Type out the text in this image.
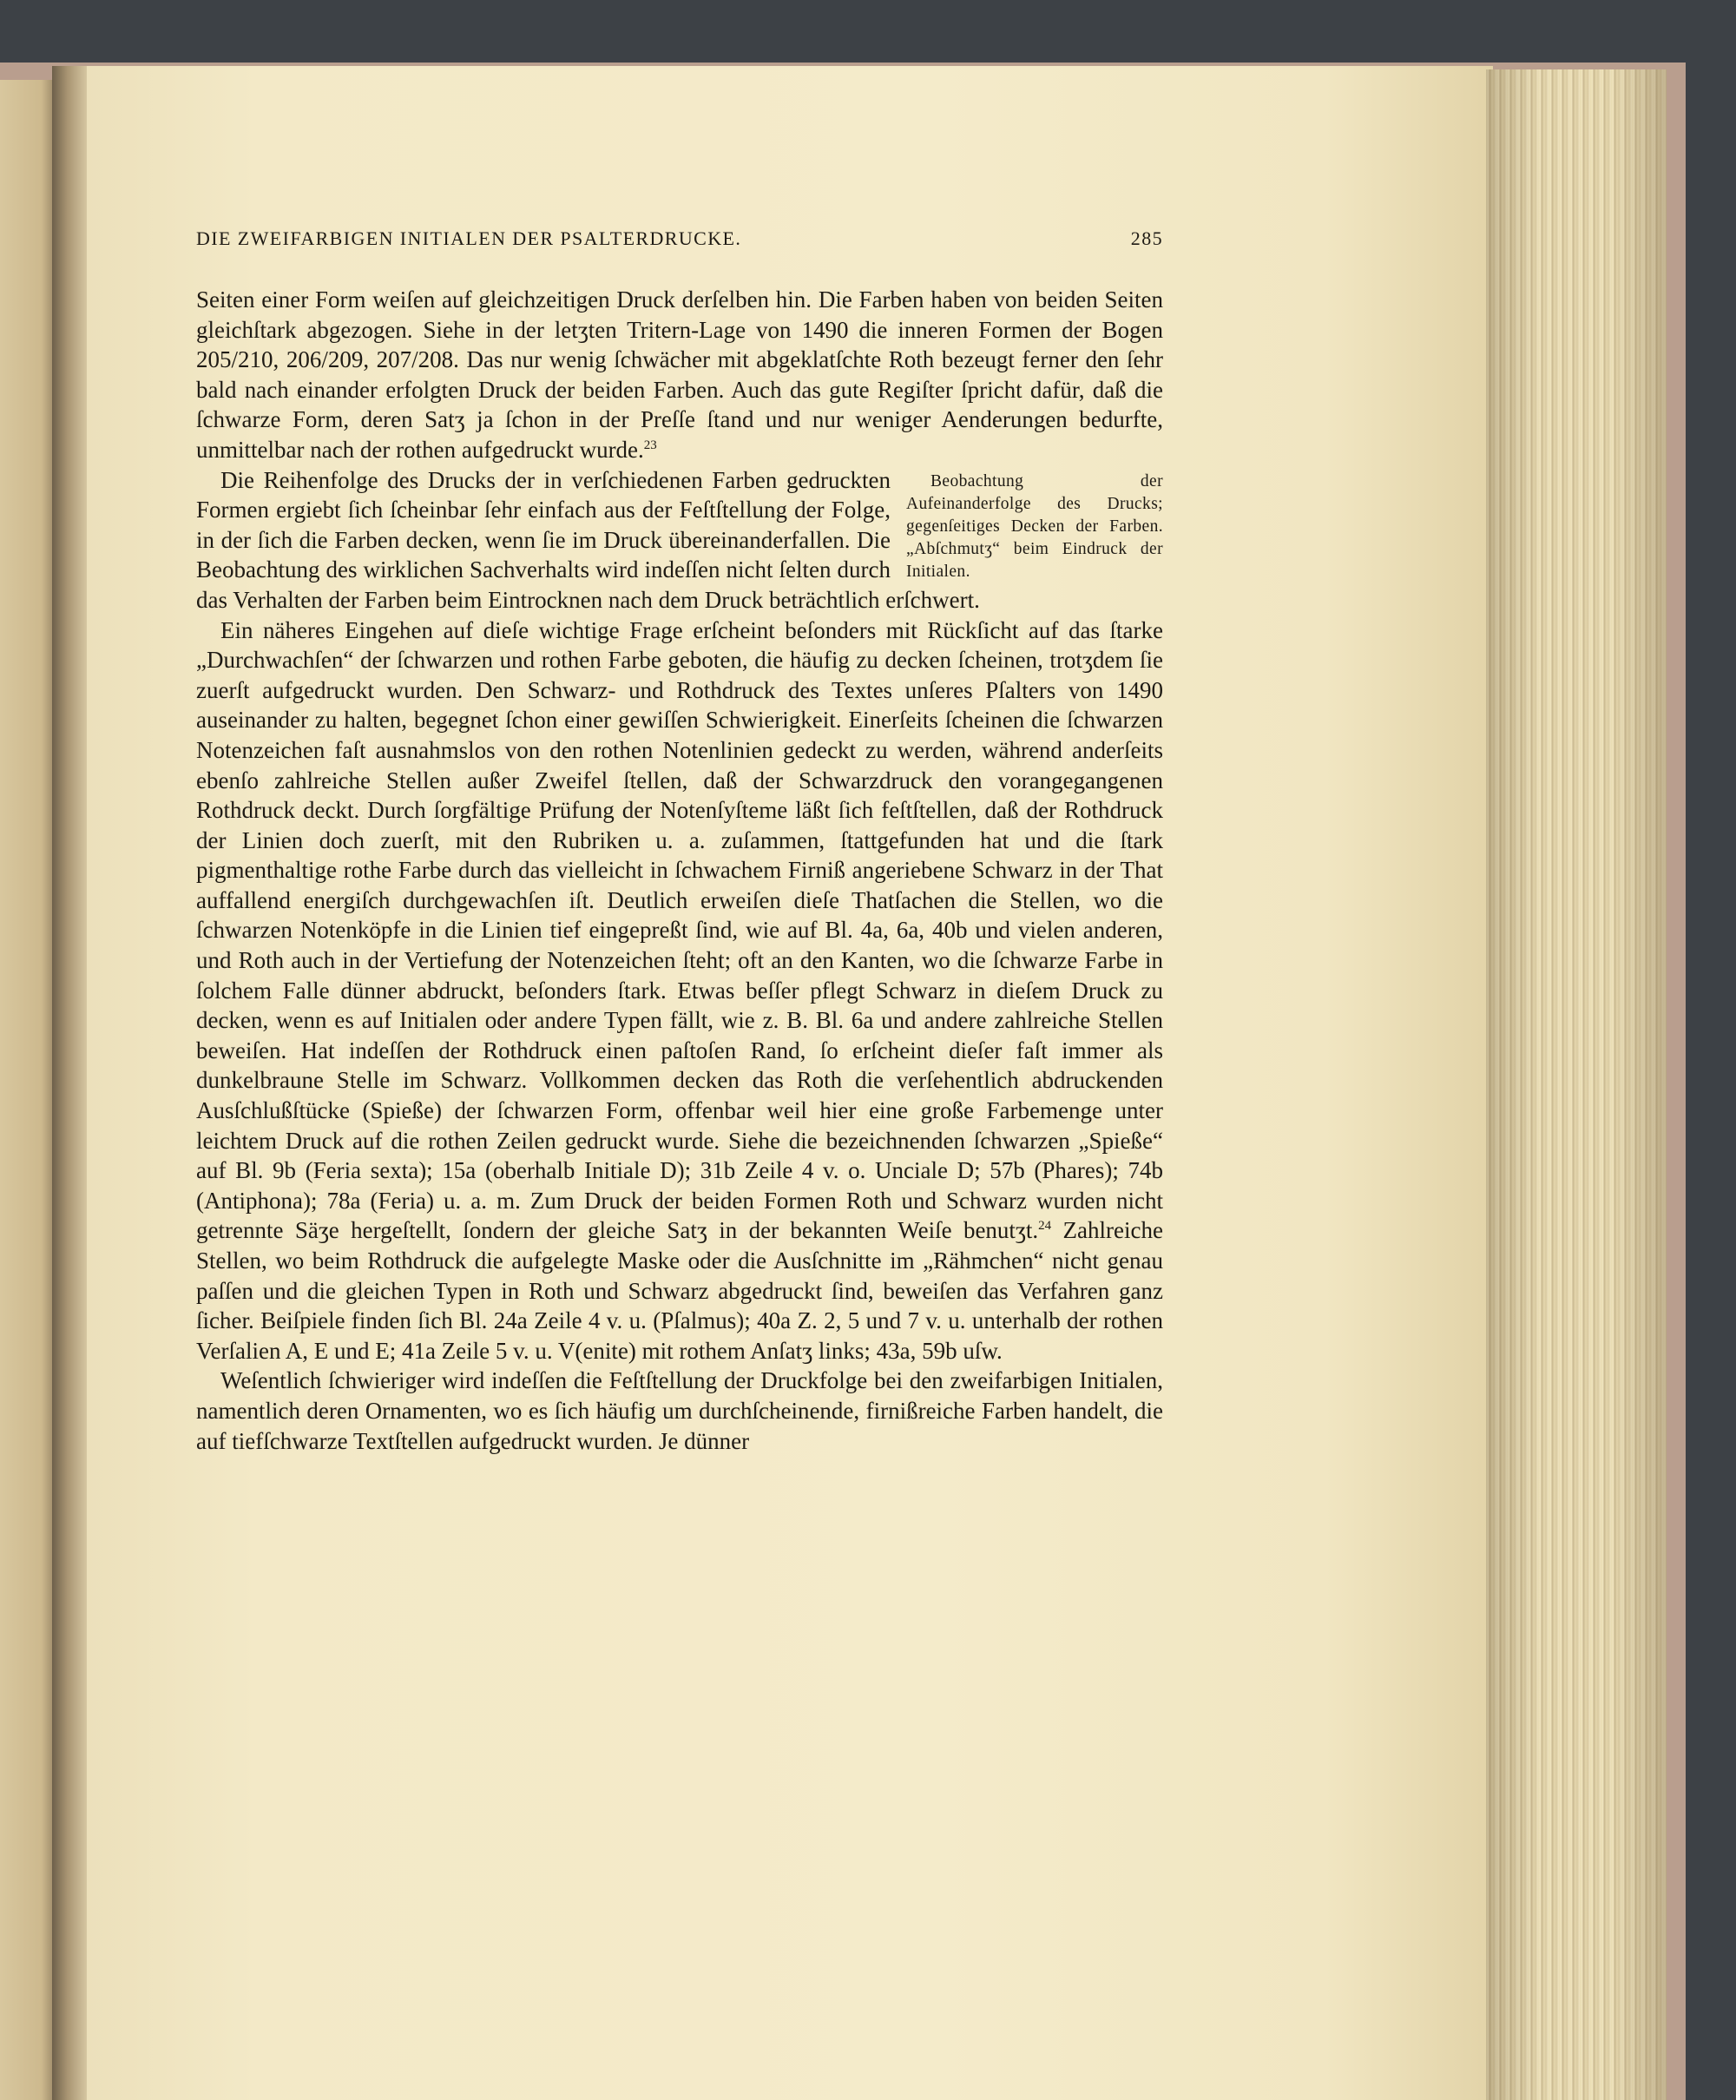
DIE ZWEIFARBIGEN INITIALEN DER PSALTERDRUCKE.	285

Seiten einer Form weiſen auf gleichzeitigen Druck derſelben hin. Die Farben haben von beiden Seiten gleichſtark abgezogen. Siehe in der letʒten Tritern-Lage von 1490 die inneren Formen der Bogen 205/210, 206/209, 207/208. Das nur wenig ſchwächer mit abgeklatſchte Roth bezeugt ferner den ſehr bald nach einander erfolgten Druck der beiden Farben. Auch das gute Regiſter ſpricht dafür, daß die ſchwarze Form, deren Satʒ ja ſchon in der Preſſe ſtand und nur weniger Aenderungen bedurfte, unmittelbar nach der rothen aufgedruckt wurde.$^{23}$

Beobachtung der Aufeinanderfolge des Drucks; gegenſeitiges Decken der Farben. „Abſchmutʒ“ beim Eindruck der Initialen.
Die Reihenfolge des Drucks der in verſchiedenen Farben gedruckten Formen ergiebt ſich ſcheinbar ſehr einfach aus der Feſtſtellung der Folge, in der ſich die Farben decken, wenn ſie im Druck übereinanderfallen. Die Beobachtung des wirklichen Sachverhalts wird indeſſen nicht ſelten durch das Verhalten der Farben beim Eintrocknen nach dem Druck beträchtlich erſchwert.

Ein näheres Eingehen auf dieſe wichtige Frage erſcheint beſonders mit Rückſicht auf das ſtarke „Durchwachſen“ der ſchwarzen und rothen Farbe geboten, die häufig zu decken ſcheinen, trotʒdem ſie zuerſt aufgedruckt wurden. Den Schwarz- und Rothdruck des Textes unſeres Pſalters von 1490 auseinander zu halten, begegnet ſchon einer gewiſſen Schwierigkeit. Einerſeits ſcheinen die ſchwarzen Notenzeichen faſt ausnahmslos von den rothen Notenlinien gedeckt zu werden, während anderſeits ebenſo zahlreiche Stellen außer Zweifel ſtellen, daß der Schwarzdruck den vorangegangenen Rothdruck deckt. Durch ſorgfältige Prüfung der Notenſyſteme läßt ſich feſtſtellen, daß der Rothdruck der Linien doch zuerſt, mit den Rubriken u. a. zuſammen, ſtattgefunden hat und die ſtark pigmenthaltige rothe Farbe durch das vielleicht in ſchwachem Firniß angeriebene Schwarz in der That auffallend energiſch durchgewachſen iſt. Deutlich erweiſen dieſe Thatſachen die Stellen, wo die ſchwarzen Notenköpfe in die Linien tief eingepreßt ſind, wie auf Bl. 4a, 6a, 40b und vielen anderen, und Roth auch in der Vertiefung der Notenzeichen ſteht; oft an den Kanten, wo die ſchwarze Farbe in ſolchem Falle dünner abdruckt, beſonders ſtark. Etwas beſſer pflegt Schwarz in dieſem Druck zu decken, wenn es auf Initialen oder andere Typen fällt, wie z. B. Bl. 6a und andere zahlreiche Stellen beweiſen. Hat indeſſen der Rothdruck einen paſtoſen Rand, ſo erſcheint dieſer faſt immer als dunkelbraune Stelle im Schwarz. Vollkommen decken das Roth die verſehentlich abdruckenden Ausſchlußſtücke (Spieße) der ſchwarzen Form, offenbar weil hier eine große Farbemenge unter leichtem Druck auf die rothen Zeilen gedruckt wurde. Siehe die bezeichnenden ſchwarzen „Spieße“ auf Bl. 9b (Feria sexta); 15a (oberhalb Initiale D); 31b Zeile 4 v. o. Unciale D; 57b (Phares); 74b (Antiphona); 78a (Feria) u. a. m. Zum Druck der beiden Formen Roth und Schwarz wurden nicht getrennte Säʒe hergeſtellt, ſondern der gleiche Satʒ in der bekannten Weiſe benutʒt.$^{24}$ Zahlreiche Stellen, wo beim Rothdruck die aufgelegte Maske oder die Ausſchnitte im „Rähmchen“ nicht genau paſſen und die gleichen Typen in Roth und Schwarz abgedruckt ſind, beweiſen das Verfahren ganz ſicher. Beiſpiele finden ſich Bl. 24a Zeile 4 v. u. (Pſalmus); 40a Z. 2, 5 und 7 v. u. unterhalb der rothen Verſalien A, E und E; 41a Zeile 5 v. u. V(enite) mit rothem Anſatʒ links; 43a, 59b uſw.

Weſentlich ſchwieriger wird indeſſen die Feſtſtellung der Druckfolge bei den zweifarbigen Initialen, namentlich deren Ornamenten, wo es ſich häufig um durchſcheinende, firnißreiche Farben handelt, die auf tiefſchwarze Textſtellen aufgedruckt wurden. Je dünner
